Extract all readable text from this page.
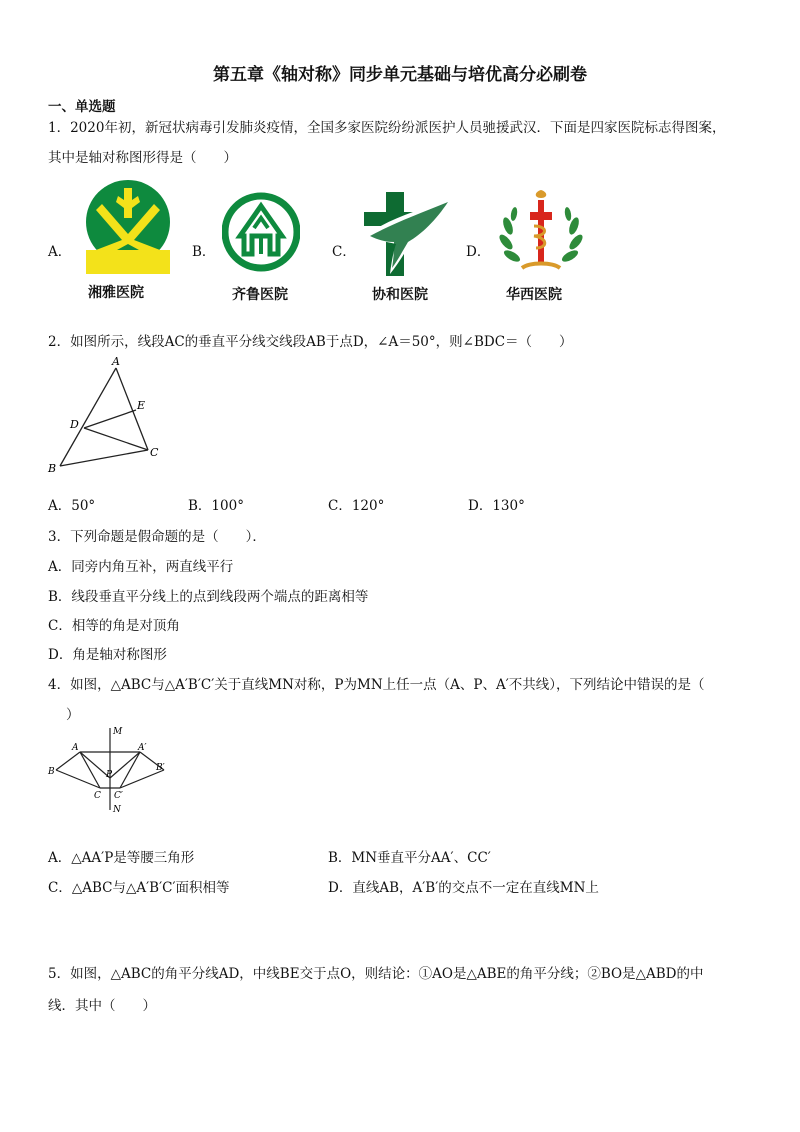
第五章《轴对称》同步单元基础与培优高分必刷卷
一、单选题
1．2020年初，新冠状病毒引发肺炎疫情，全国多家医院纷纷派医护人员驰援武汉．下面是四家医院标志得图案，
其中是轴对称图形得是（　　）
A．
湘雅医院
B．
齐鲁医院
C．
协和医院
D．
华西医院
2．如图所示，线段AC的垂直平分线交线段AB于点D，∠A＝50°，则∠BDC＝（　　）
A
B
C
D
E
A．50°	B．100°	C．120°	D．130°
3．下列命题是假命题的是（　　）．
A．同旁内角互补，两直线平行
B．线段垂直平分线上的点到线段两个端点的距离相等
C．相等的角是对顶角
D．角是轴对称图形
4．如图，△ABC与△A′B′C′关于直线MN对称，P为MN上任一点（A、P、A′不共线），下列结论中错误的是（
）
M
N
A
B
C
P
A′
B′
C′
A．△AA′P是等腰三角形	B．MN垂直平分AA′、CC′
C．△ABC与△A′B′C′面积相等	D．直线AB，A′B′的交点不一定在直线MN上
5．如图，△ABC的角平分线AD，中线BE交于点O，则结论：①AO是△ABE的角平分线；②BO是△ABD的中
线．其中（　　）
